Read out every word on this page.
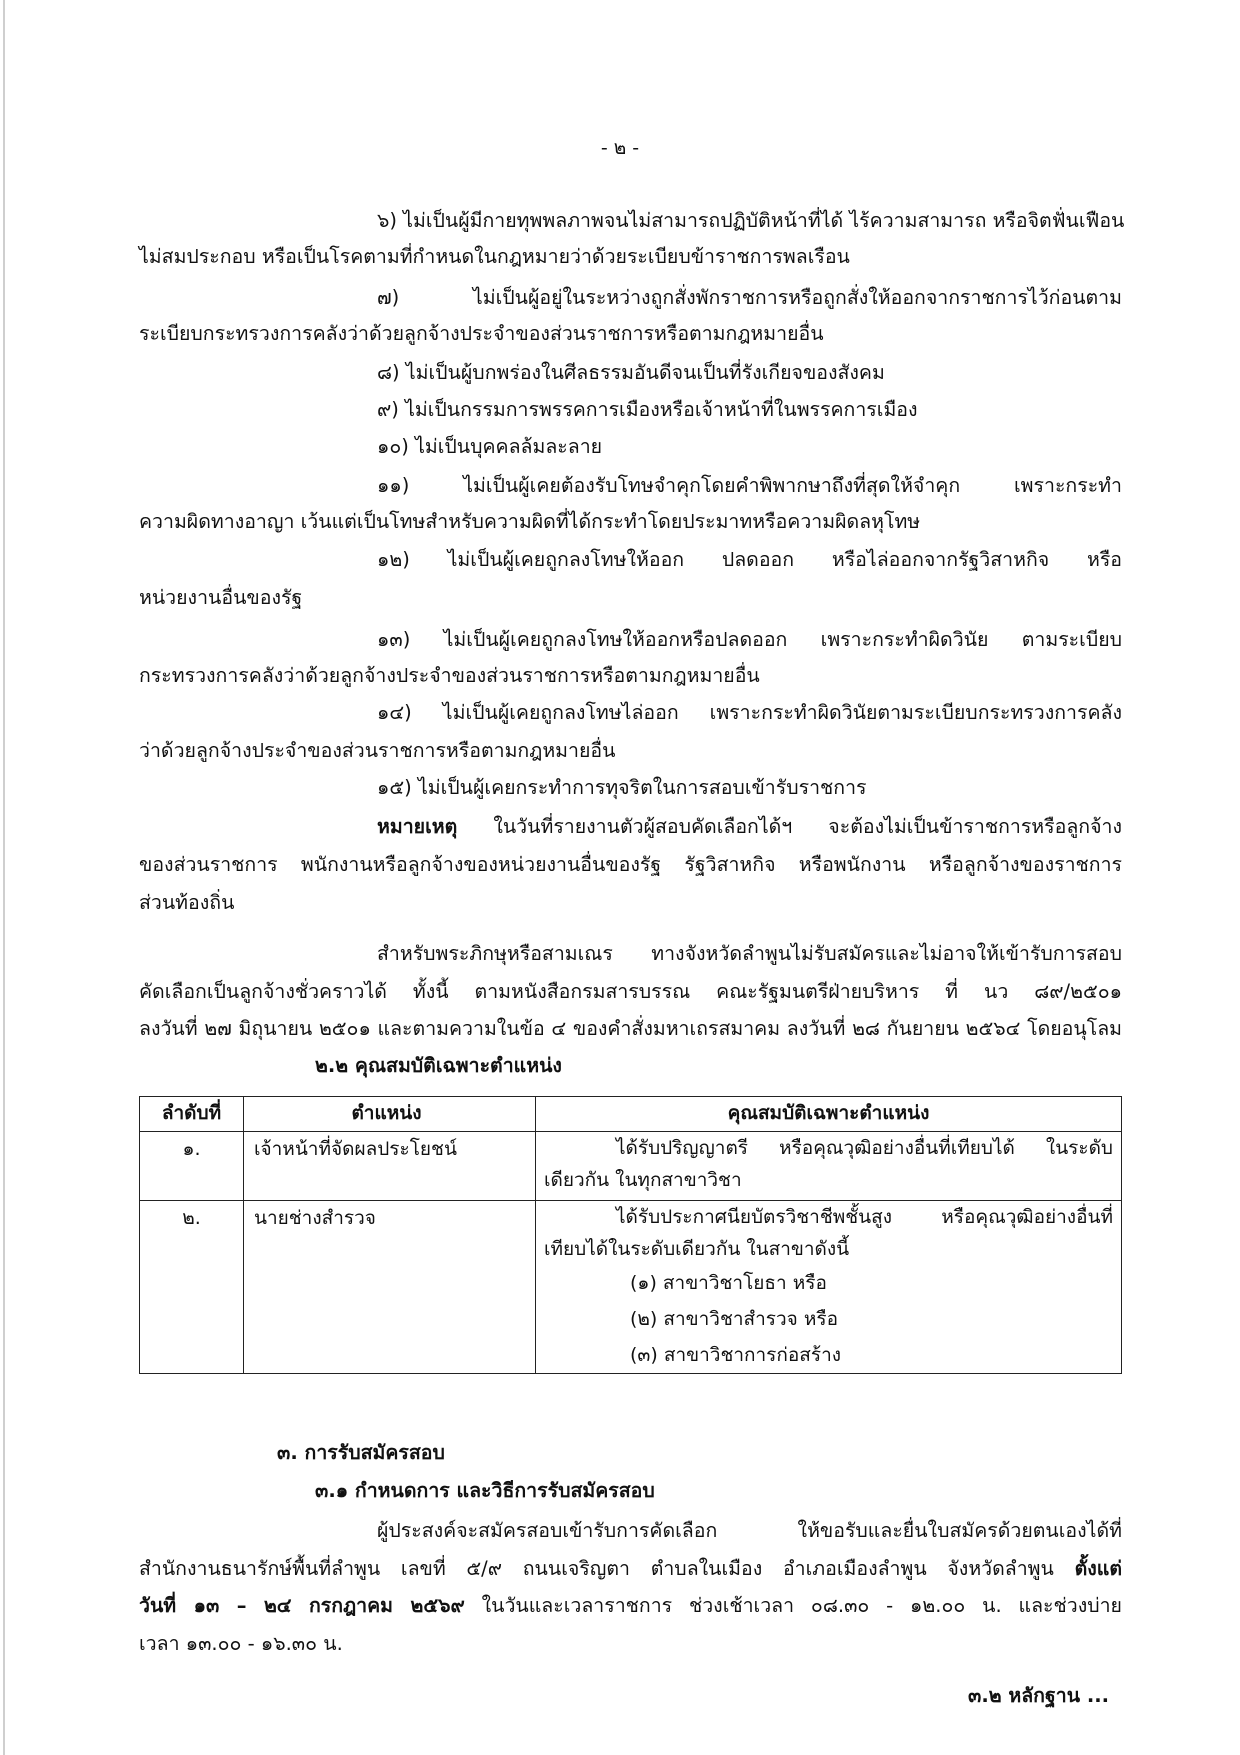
- ๒ -
๖) ไม่เป็นผู้มีกายทุพพลภาพจนไม่สามารถปฏิบัติหน้าที่ได้ ไร้ความสามารถ หรือจิตฟั่นเฟือน
ไม่สมประกอบ หรือเป็นโรคตามที่กำหนดในกฎหมายว่าด้วยระเบียบข้าราชการพลเรือน
๗) ไม่เป็นผู้อยู่ในระหว่างถูกสั่งพักราชการหรือถูกสั่งให้ออกจากราชการไว้ก่อนตาม
ระเบียบกระทรวงการคลังว่าด้วยลูกจ้างประจำของส่วนราชการหรือตามกฎหมายอื่น
๘) ไม่เป็นผู้บกพร่องในศีลธรรมอันดีจนเป็นที่รังเกียจของสังคม
๙) ไม่เป็นกรรมการพรรคการเมืองหรือเจ้าหน้าที่ในพรรคการเมือง
๑๐) ไม่เป็นบุคคลล้มละลาย
๑๑) ไม่เป็นผู้เคยต้องรับโทษจำคุกโดยคำพิพากษาถึงที่สุดให้จำคุก เพราะกระทำ
ความผิดทางอาญา เว้นแต่เป็นโทษสำหรับความผิดที่ได้กระทำโดยประมาทหรือความผิดลหุโทษ
๑๒) ไม่เป็นผู้เคยถูกลงโทษให้ออก ปลดออก หรือไล่ออกจากรัฐวิสาหกิจ หรือ
หน่วยงานอื่นของรัฐ
๑๓) ไม่เป็นผู้เคยถูกลงโทษให้ออกหรือปลดออก เพราะกระทำผิดวินัย ตามระเบียบ
กระทรวงการคลังว่าด้วยลูกจ้างประจำของส่วนราชการหรือตามกฎหมายอื่น
๑๔) ไม่เป็นผู้เคยถูกลงโทษไล่ออก เพราะกระทำผิดวินัยตามระเบียบกระทรวงการคลัง
ว่าด้วยลูกจ้างประจำของส่วนราชการหรือตามกฎหมายอื่น
๑๕) ไม่เป็นผู้เคยกระทำการทุจริตในการสอบเข้ารับราชการ
หมายเหตุ ในวันที่รายงานตัวผู้สอบคัดเลือกได้ฯ จะต้องไม่เป็นข้าราชการหรือลูกจ้าง
ของส่วนราชการ พนักงานหรือลูกจ้างของหน่วยงานอื่นของรัฐ รัฐวิสาหกิจ หรือพนักงาน หรือลูกจ้างของราชการ
ส่วนท้องถิ่น
สำหรับพระภิกษุหรือสามเณร ทางจังหวัดลำพูนไม่รับสมัครและไม่อาจให้เข้ารับการสอบ
คัดเลือกเป็นลูกจ้างชั่วคราวได้ ทั้งนี้ ตามหนังสือกรมสารบรรณ คณะรัฐมนตรีฝ่ายบริหาร ที่ นว ๘๙/๒๕๐๑
ลงวันที่ ๒๗ มิถุนายน ๒๕๐๑ และตามความในข้อ ๔ ของคำสั่งมหาเถรสมาคม ลงวันที่ ๒๘ กันยายน ๒๕๖๔ โดยอนุโลม
๒.๒ คุณสมบัติเฉพาะตำแหน่ง
ลำดับที่	ตำแหน่ง	คุณสมบัติเฉพาะตำแหน่ง
๑.	เจ้าหน้าที่จัดผลประโยชน์	ได้รับปริญญาตรี หรือคุณวุฒิอย่างอื่นที่เทียบได้ ในระดับ
เดียวกัน ในทุกสาขาวิชา

๒.	นายช่างสำรวจ	ได้รับประกาศนียบัตรวิชาชีพชั้นสูง หรือคุณวุฒิอย่างอื่นที่
เทียบได้ในระดับเดียวกัน ในสาขาดังนี้
(๑) สาขาวิชาโยธา หรือ
(๒) สาขาวิชาสำรวจ หรือ
(๓) สาขาวิชาการก่อสร้าง
๓. การรับสมัครสอบ
๓.๑ กำหนดการ และวิธีการรับสมัครสอบ
ผู้ประสงค์จะสมัครสอบเข้ารับการคัดเลือก ให้ขอรับและยื่นใบสมัครด้วยตนเองได้ที่
สำนักงานธนารักษ์พื้นที่ลำพูน เลขที่ ๕/๙ ถนนเจริญตา ตำบลในเมือง อำเภอเมืองลำพูน จังหวัดลำพูน ตั้งแต่
วันที่ ๑๓ – ๒๔ กรกฎาคม ๒๕๖๙ ในวันและเวลาราชการ ช่วงเช้าเวลา ๐๘.๓๐ - ๑๒.๐๐ น. และช่วงบ่าย
เวลา ๑๓.๐๐ - ๑๖.๓๐ น.
๓.๒ หลักฐาน ...
